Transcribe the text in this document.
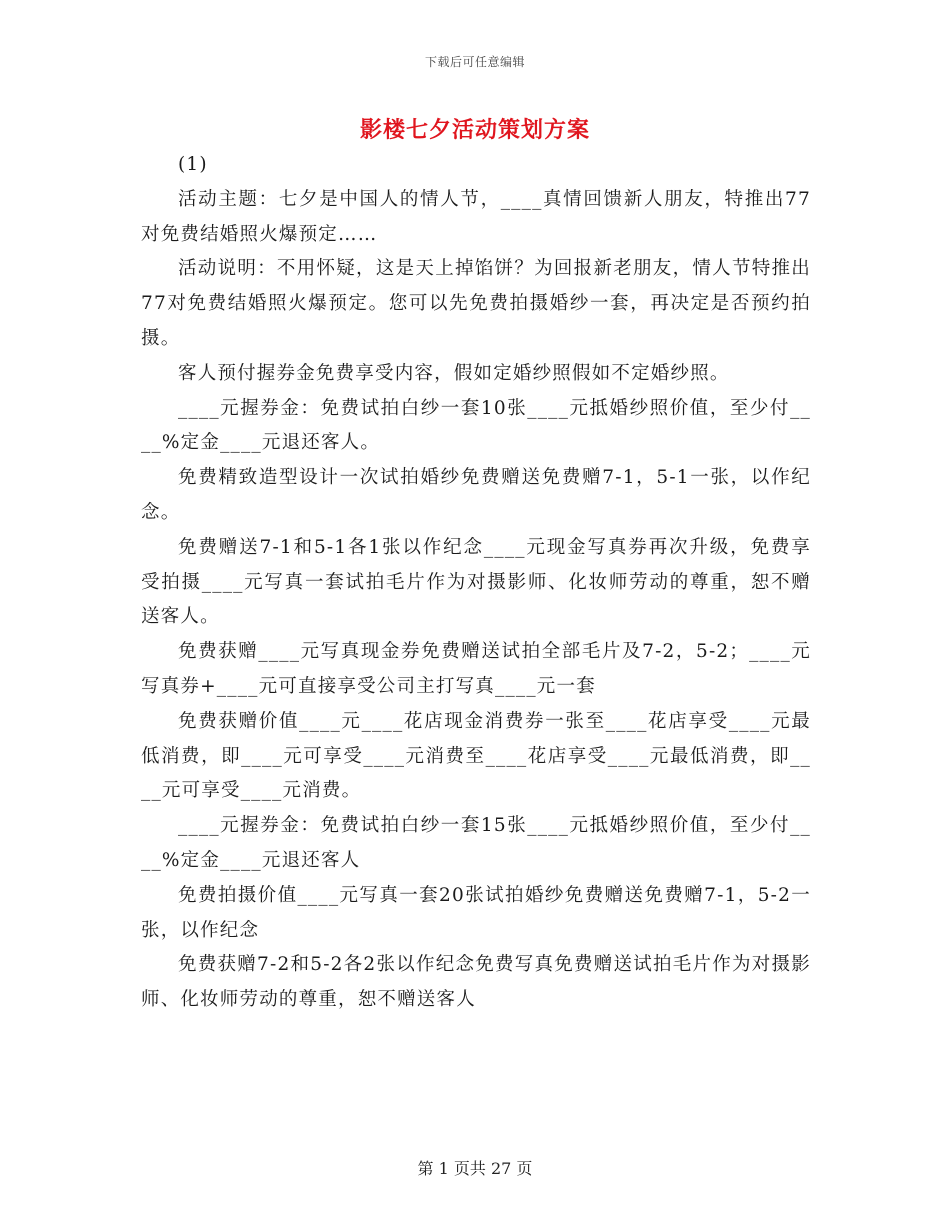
下载后可任意编辑
影楼七夕活动策划方案

(1)

活动主题：七夕是中国人的情人节，____真情回馈新人朋友，特推出77对免费结婚照火爆预定……

活动说明：不用怀疑，这是天上掉馅饼？为回报新老朋友，情人节特推出77对免费结婚照火爆预定。您可以先免费拍摄婚纱一套，再决定是否预约拍摄。

客人预付握券金免费享受内容，假如定婚纱照假如不定婚纱照。

____元握券金：免费试拍白纱一套10张____元抵婚纱照价值，至少付____%定金____元退还客人。

免费精致造型设计一次试拍婚纱免费赠送免费赠7-1，5-1一张，以作纪念。

免费赠送7-1和5-1各1张以作纪念____元现金写真券再次升级，免费享受拍摄____元写真一套试拍毛片作为对摄影师、化妆师劳动的尊重，恕不赠送客人。

免费获赠____元写真现金券免费赠送试拍全部毛片及7-2，5-2；____元写真券+____元可直接享受公司主打写真____元一套

免费获赠价值____元____花店现金消费券一张至____花店享受____元最低消费，即____元可享受____元消费至____花店享受____元最低消费，即____元可享受____元消费。

____元握券金：免费试拍白纱一套15张____元抵婚纱照价值，至少付____%定金____元退还客人

免费拍摄价值____元写真一套20张试拍婚纱免费赠送免费赠7-1，5-2一张，以作纪念

免费获赠7-2和5-2各2张以作纪念免费写真免费赠送试拍毛片作为对摄影师、化妆师劳动的尊重，恕不赠送客人

第 1 页共 27 页
